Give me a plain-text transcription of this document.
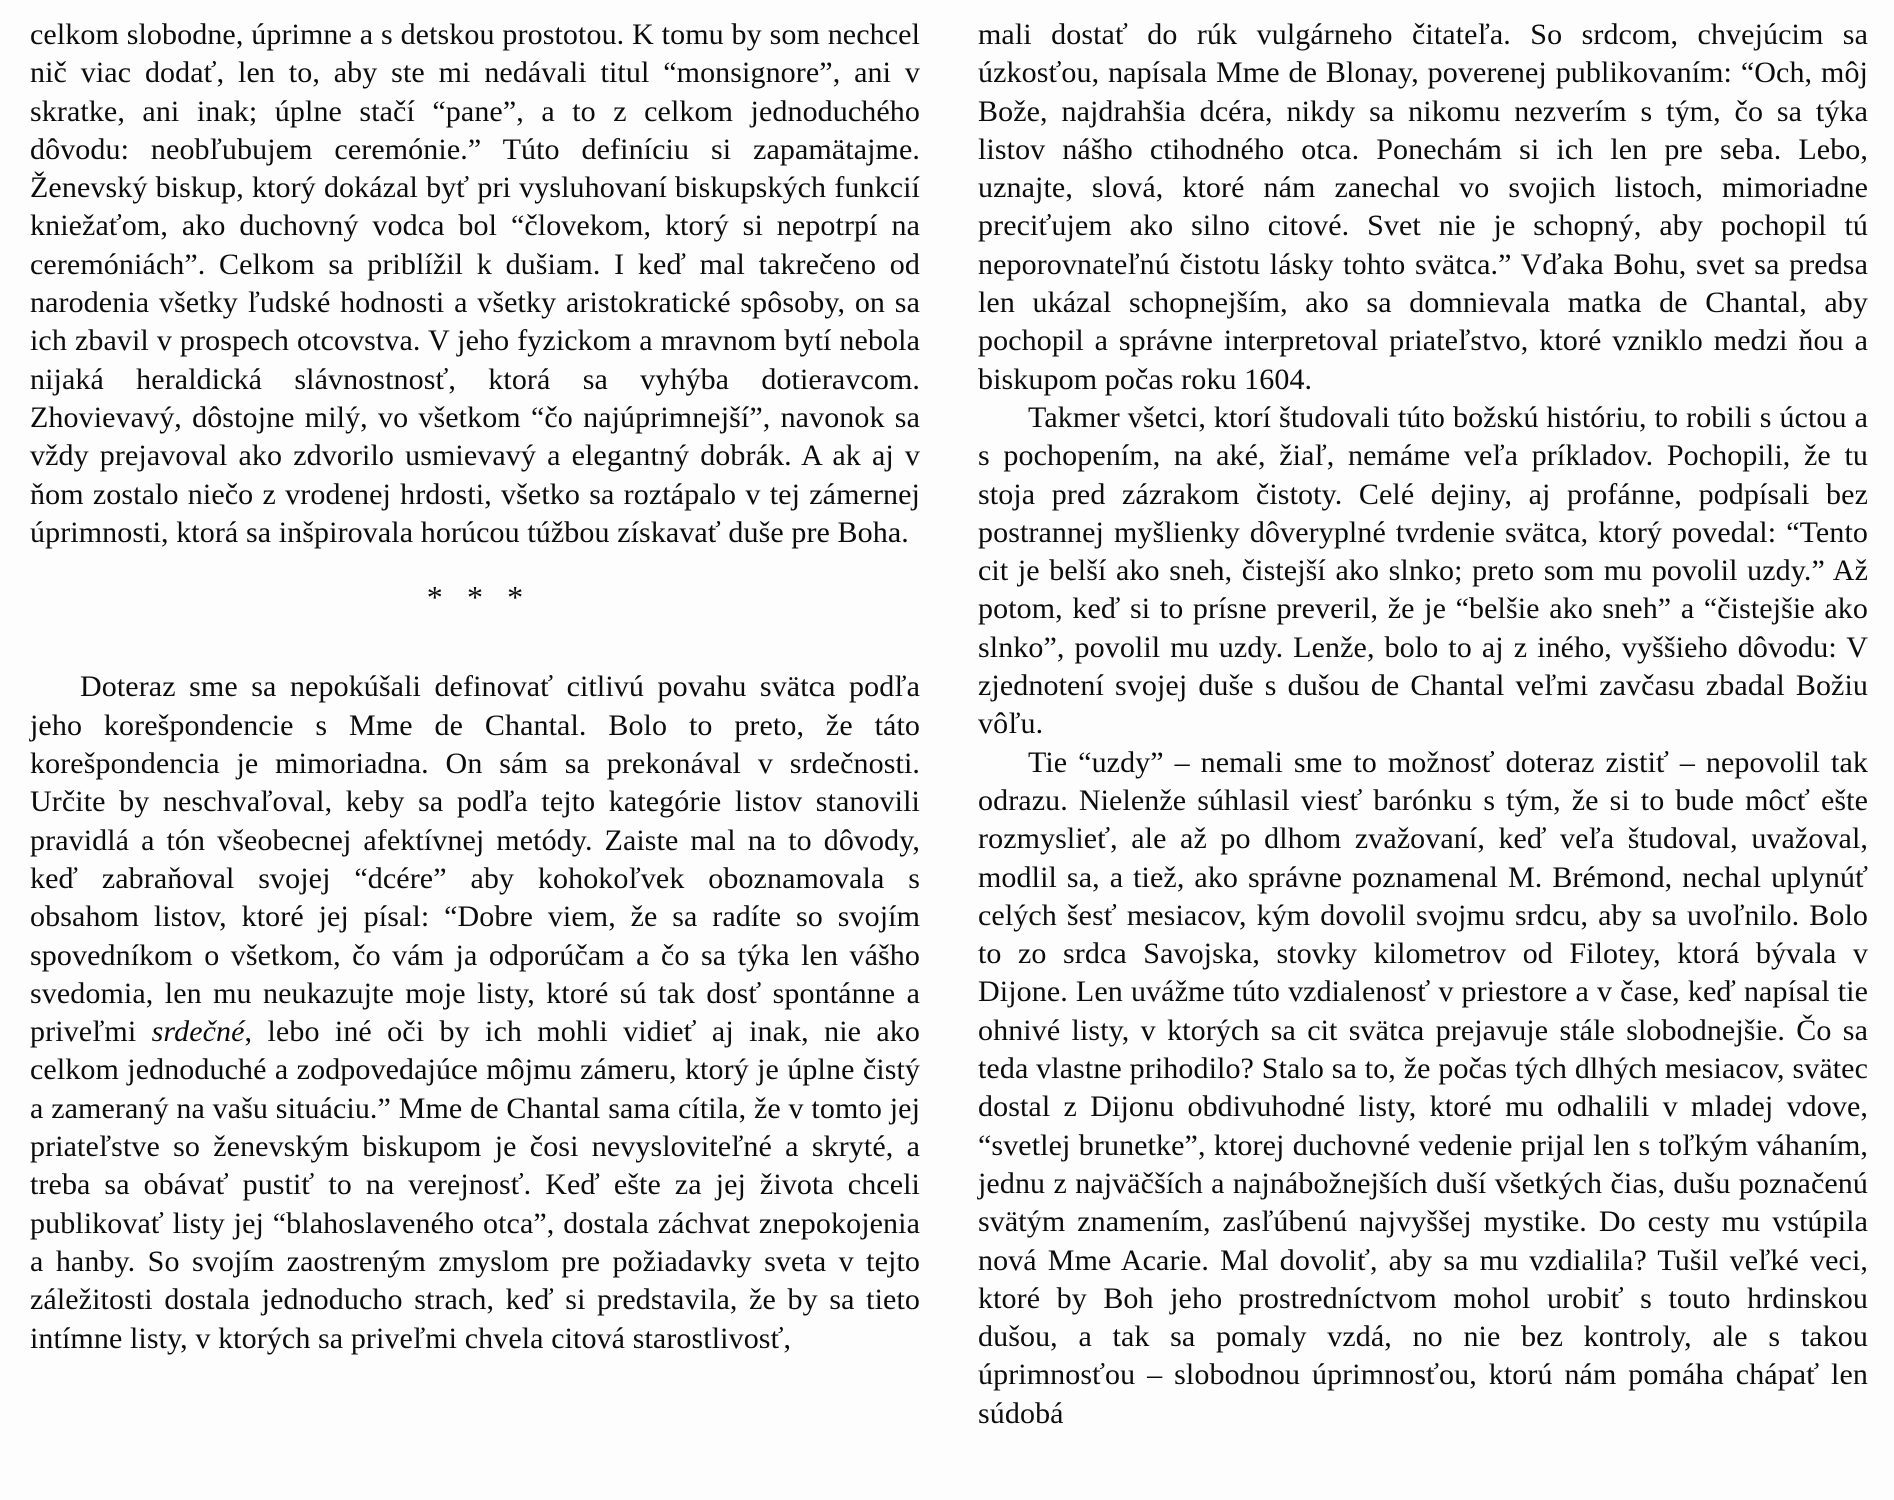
celkom slobodne, úprimne a s detskou prostotou. K tomu by som nechcel nič viac dodať, len to, aby ste mi nedávali titul “monsignore”, ani v skratke, ani inak; úplne stačí “pane”, a to z celkom jednoduchého dôvodu: neobľubujem ceremónie.” Túto definíciu si zapamätajme. Ženevský biskup, ktorý dokázal byť pri vysluhovaní biskupských funkcií kniežaťom, ako duchovný vodca bol “človekom, ktorý si nepotrpí na ceremóniách”. Celkom sa priblížil k dušiam. I keď mal takrečeno od narodenia všetky ľudské hodnosti a všetky aristokratické spôsoby, on sa ich zbavil v prospech otcovstva. V jeho fyzickom a mravnom bytí nebola nijaká heraldická slávnostnosť, ktorá sa vyhýba dotieravcom. Zhovievavý, dôstojne milý, vo všetkom “čo najúprimnejší”, navonok sa vždy prejavoval ako zdvorilo usmievavý a elegantný dobrák. A ak aj v ňom zostalo niečo z vrodenej hrdosti, všetko sa roztápalo v tej zámernej úprimnosti, ktorá sa inšpirovala horúcou túžbou získavať duše pre Boha.

* * *

Doteraz sme sa nepokúšali definovať citlivú povahu svätca podľa jeho korešpondencie s Mme de Chantal. Bolo to preto, že táto korešpondencia je mimoriadna. On sám sa prekonával v srdečnosti. Určite by neschvaľoval, keby sa podľa tejto kategórie listov stanovili pravidlá a tón všeobecnej afektívnej metódy. Zaiste mal na to dôvody, keď zabraňoval svojej “dcére” aby kohokoľvek oboznamovala s obsahom listov, ktoré jej písal: “Dobre viem, že sa radíte so svojím spovedníkom o všetkom, čo vám ja odporúčam a čo sa týka len vášho svedomia, len mu neukazujte moje listy, ktoré sú tak dosť spontánne a priveľmi srdečné, lebo iné oči by ich mohli vidieť aj inak, nie ako celkom jednoduché a zodpovedajúce môjmu zámeru, ktorý je úplne čistý a zameraný na vašu situáciu.” Mme de Chantal sama cítila, že v tomto jej priateľstve so ženevským biskupom je čosi nevysloviteľné a skryté, a treba sa obávať pustiť to na verejnosť. Keď ešte za jej života chceli publikovať listy jej “blahoslaveného otca”, dostala záchvat znepokojenia a hanby. So svojím zaostreným zmyslom pre požiadavky sveta v tejto záležitosti dostala jednoducho strach, keď si predstavila, že by sa tieto intímne listy, v ktorých sa priveľmi chvela citová starostlivosť,

mali dostať do rúk vulgárneho čitateľa. So srdcom, chvejúcim sa úzkosťou, napísala Mme de Blonay, poverenej publikovaním: “Och, môj Bože, najdrahšia dcéra, nikdy sa nikomu nezverím s tým, čo sa týka listov nášho ctihodného otca. Ponechám si ich len pre seba. Lebo, uznajte, slová, ktoré nám zanechal vo svojich listoch, mimoriadne preciťujem ako silno citové. Svet nie je schopný, aby pochopil tú neporovnateľnú čistotu lásky tohto svätca.” Vďaka Bohu, svet sa predsa len ukázal schopnejším, ako sa domnievala matka de Chantal, aby pochopil a správne interpretoval priateľstvo, ktoré vzniklo medzi ňou a biskupom počas roku 1604.

Takmer všetci, ktorí študovali túto božskú históriu, to robili s úctou a s pochopením, na aké, žiaľ, nemáme veľa príkladov. Pochopili, že tu stoja pred zázrakom čistoty. Celé dejiny, aj profánne, podpísali bez postrannej myšlienky dôveryplné tvrdenie svätca, ktorý povedal: “Tento cit je belší ako sneh, čistejší ako slnko; preto som mu povolil uzdy.” Až potom, keď si to prísne preveril, že je “belšie ako sneh” a “čistejšie ako slnko”, povolil mu uzdy. Lenže, bolo to aj z iného, vyššieho dôvodu: V zjednotení svojej duše s dušou de Chantal veľmi zavčasu zbadal Božiu vôľu.

Tie “uzdy” – nemali sme to možnosť doteraz zistiť – nepovolil tak odrazu. Nielenže súhlasil viesť barónku s tým, že si to bude môcť ešte rozmyslieť, ale až po dlhom zvažovaní, keď veľa študoval, uvažoval, modlil sa, a tiež, ako správne poznamenal M. Brémond, nechal uplynúť celých šesť mesiacov, kým dovolil svojmu srdcu, aby sa uvoľnilo. Bolo to zo srdca Savojska, stovky kilometrov od Filotey, ktorá bývala v Dijone. Len uvážme túto vzdialenosť v priestore a v čase, keď napísal tie ohnivé listy, v ktorých sa cit svätca prejavuje stále slobodnejšie. Čo sa teda vlastne prihodilo? Stalo sa to, že počas tých dlhých mesiacov, svätec dostal z Dijonu obdivuhodné listy, ktoré mu odhalili v mladej vdove, “svetlej brunetke”, ktorej duchovné vedenie prijal len s toľkým váhaním, jednu z najväčších a najnábožnejších duší všetkých čias, dušu poznačenú svätým znamením, zasľúbenú najvyššej mystike. Do cesty mu vstúpila nová Mme Acarie. Mal dovoliť, aby sa mu vzdialila? Tušil veľké veci, ktoré by Boh jeho prostredníctvom mohol urobiť s touto hrdinskou dušou, a tak sa pomaly vzdá, no nie bez kontroly, ale s takou úprimnosťou – slobodnou úprimnosťou, ktorú nám pomáha chápať len súdobá
